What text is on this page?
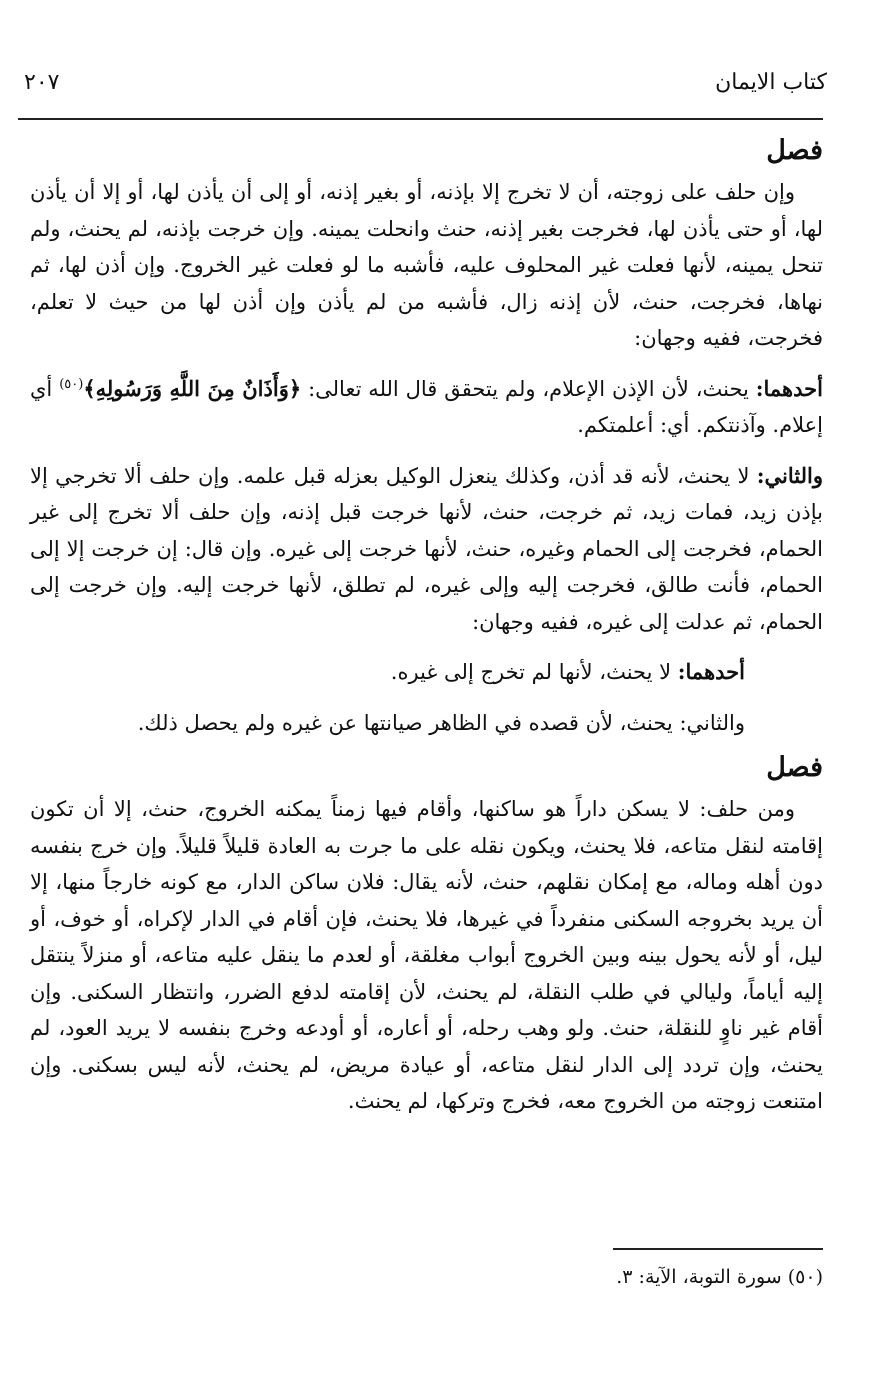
كتاب الايمان
٢٠٧
فصل

وإن حلف على زوجته، أن لا تخرج إلا بإذنه، أو بغير إذنه، أو إلى أن يأذن لها، أو إلا أن يأذن لها، أو حتى يأذن لها، فخرجت بغير إذنه، حنث وانحلت يمينه. وإن خرجت بإذنه، لم يحنث، ولم تنحل يمينه، لأنها فعلت غير المحلوف عليه، فأشبه ما لو فعلت غير الخروج. وإن أذن لها، ثم نهاها، فخرجت، حنث، لأن إذنه زال، فأشبه من لم يأذن وإن أذن لها من حيث لا تعلم، فخرجت، ففيه وجهان:

أحدهما: يحنث، لأن الإذن الإعلام، ولم يتحقق قال الله تعالى: ﴿وَأَذَانٌ مِنَ اللَّهِ وَرَسُولِهِ﴾$^{(٥٠)}$ أي إعلام. وآذنتكم. أي: أعلمتكم.

والثاني: لا يحنث، لأنه قد أذن، وكذلك ينعزل الوكيل بعزله قبل علمه. وإن حلف ألا تخرجي إلا بإذن زيد، فمات زيد، ثم خرجت، حنث، لأنها خرجت قبل إذنه، وإن حلف ألا تخرج إلى غير الحمام، فخرجت إلى الحمام وغيره، حنث، لأنها خرجت إلى غيره. وإن قال: إن خرجت إلا إلى الحمام، فأنت طالق، فخرجت إليه وإلى غيره، لم تطلق، لأنها خرجت إليه. وإن خرجت إلى الحمام، ثم عدلت إلى غيره، ففيه وجهان:

أحدهما: لا يحنث، لأنها لم تخرج إلى غيره.

والثاني: يحنث، لأن قصده في الظاهر صيانتها عن غيره ولم يحصل ذلك.

فصل

ومن حلف: لا يسكن داراً هو ساكنها، وأقام فيها زمناً يمكنه الخروج، حنث، إلا أن تكون إقامته لنقل متاعه، فلا يحنث، ويكون نقله على ما جرت به العادة قليلاً قليلاً. وإن خرج بنفسه دون أهله وماله، مع إمكان نقلهم، حنث، لأنه يقال: فلان ساكن الدار، مع كونه خارجاً منها، إلا أن يريد بخروجه السكنى منفرداً في غيرها، فلا يحنث، فإن أقام في الدار لإكراه، أو خوف، أو ليل، أو لأنه يحول بينه وبين الخروج أبواب مغلقة، أو لعدم ما ينقل عليه متاعه، أو منزلاً ينتقل إليه أياماً، وليالي في طلب النقلة، لم يحنث، لأن إقامته لدفع الضرر، وانتظار السكنى. وإن أقام غير ناوٍ للنقلة، حنث. ولو وهب رحله، أو أعاره، أو أودعه وخرج بنفسه لا يريد العود، لم يحنث، وإن تردد إلى الدار لنقل متاعه، أو عيادة مريض، لم يحنث، لأنه ليس بسكنى. وإن امتنعت زوجته من الخروج معه، فخرج وتركها، لم يحنث.

(٥٠) سورة التوبة، الآية: ٣.
